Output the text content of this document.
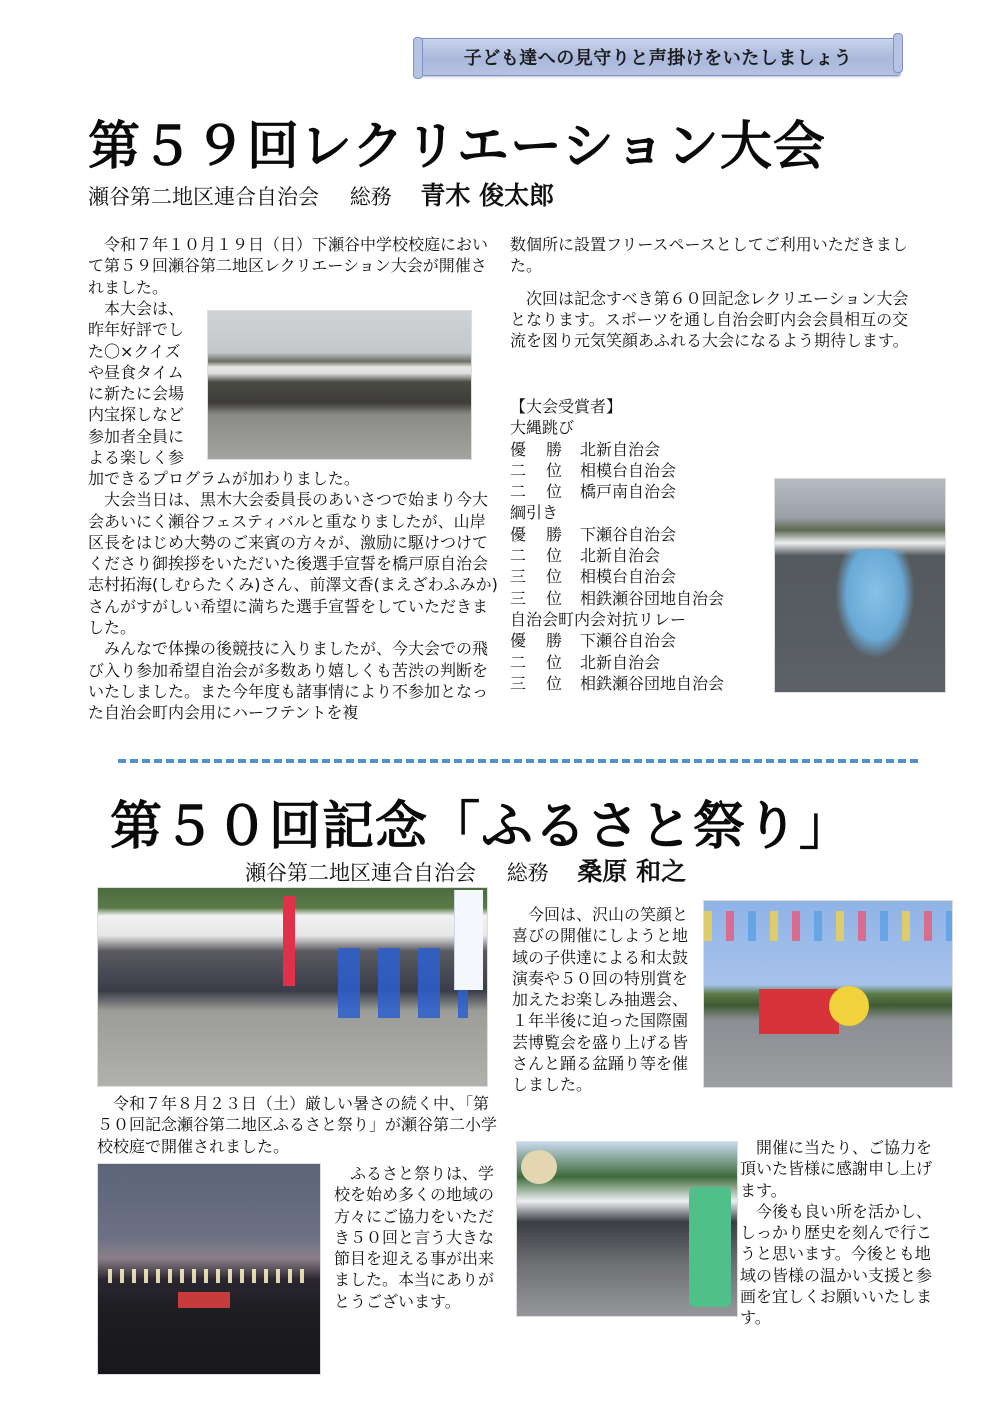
子ども達への見守りと声掛けをいたしましょう
第５９回レクリエーション大会
瀬谷第二地区連合自治会 総務 青木 俊太郎

令和７年１０月１９日（日）下瀬谷中学校校庭において第５９回瀬谷第二地区レクリエーション大会が開催されました。

本大会は、
昨年好評でし
た〇×クイズ
や昼食タイム
に新たに会場
内宝探しなど
参加者全員に
よる楽しく参

加できるプログラムが加わりました。

大会当日は、黒木大会委員長のあいさつで始まり今大会あいにく瀬谷フェスティバルと重なりましたが、山岸区長をはじめ大勢のご来賓の方々が、激励に駆けつけてくださり御挨拶をいただいた後選手宣誓を橋戸原自治会志村拓海(しむらたくみ)さん、前澤文香(まえざわふみか)さんがすがしい希望に満ちた選手宣誓をしていただきました。

みんなで体操の後競技に入りましたが、今大会での飛び入り参加希望自治会が多数あり嬉しくも苦渋の判断をいたしました。また今年度も諸事情により不参加となった自治会町内会用にハーフテントを複

数個所に設置フリースペースとしてご利用いただきました。

次回は記念すべき第６０回記念レクリエーション大会となります。スポーツを通し自治会町内会会員相互の交流を図り元気笑顔あふれる大会になるよう期待します。

【大会受賞者】
大縄跳び
優 勝	北新自治会
二 位	相模台自治会
二 位	橋戸南自治会
綱引き
優 勝	下瀬谷自治会
二 位	北新自治会
三 位	相模台自治会
三 位	相鉄瀬谷団地自治会
自治会町内会対抗リレー
優 勝	下瀬谷自治会
二 位	北新自治会
三 位	相鉄瀬谷団地自治会
第５０回記念「ふるさと祭り」
瀬谷第二地区連合自治会 総務 桑原 和之

今回は、沢山の笑顔と喜びの開催にしようと地域の子供達による和太鼓演奏や５０回の特別賞を加えたお楽しみ抽選会、１年半後に迫った国際園芸博覧会を盛り上げる皆さんと踊る盆踊り等を催しました。

令和７年８月２３日（土）厳しい暑さの続く中、「第５０回記念瀬谷第二地区ふるさと祭り」が瀬谷第二小学校校庭で開催されました。

ふるさと祭りは、学校を始め多くの地域の方々にご協力をいただき５０回と言う大きな節目を迎える事が出来ました。本当にありがとうございます。

開催に当たり、ご協力を頂いた皆様に感謝申し上げます。

今後も良い所を活かし、しっかり歴史を刻んで行こうと思います。今後とも地域の皆様の温かい支援と参画を宜しくお願いいたします。
